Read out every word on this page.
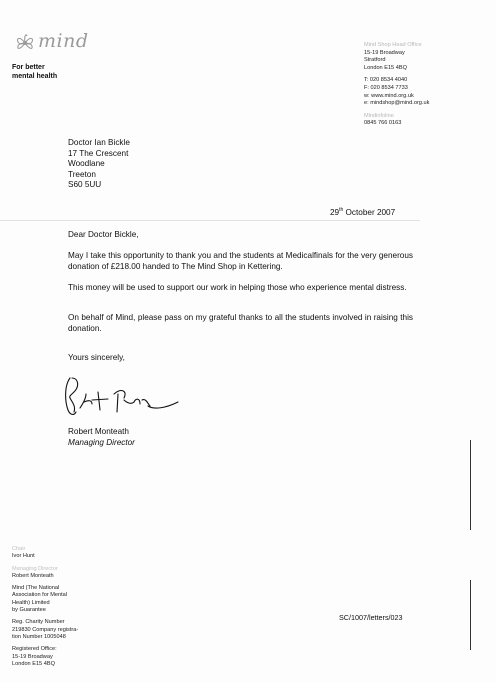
mind
For better
mental health
Mind Shop Head Office
15-19 Broadway
Stratford
London E15 4BQ
T: 020 8534 4040
F: 020 8534 7733
w: www.mind.org.uk
e: mindshop@mind.org.uk
Mindinfoline
0845 766 0163
Doctor Ian Bickle
17 The Crescent
Woodlane
Treeton
S60 5UU
29th October 2007
Dear Doctor Bickle,
May I take this opportunity to thank you and the students at Medicalfinals for the very generous donation of £218.00 handed to The Mind Shop in Kettering.
This money will be used to support our work in helping those who experience mental distress.
On behalf of Mind, please pass on my grateful thanks to all the students involved in raising this donation.
Yours sincerely,
Robert Monteath
Managing Director
Chair
Ivor Hunt
Managing Director
Robert Monteath
Mind (The National
Association for Mental
Health) Limited
by Guarantee
Reg. Charity Number
219830 Company registra-
tion Number 1005048
Registered Office:
15-19 Broadway
London E15 4BQ
SC/1007/letters/023
